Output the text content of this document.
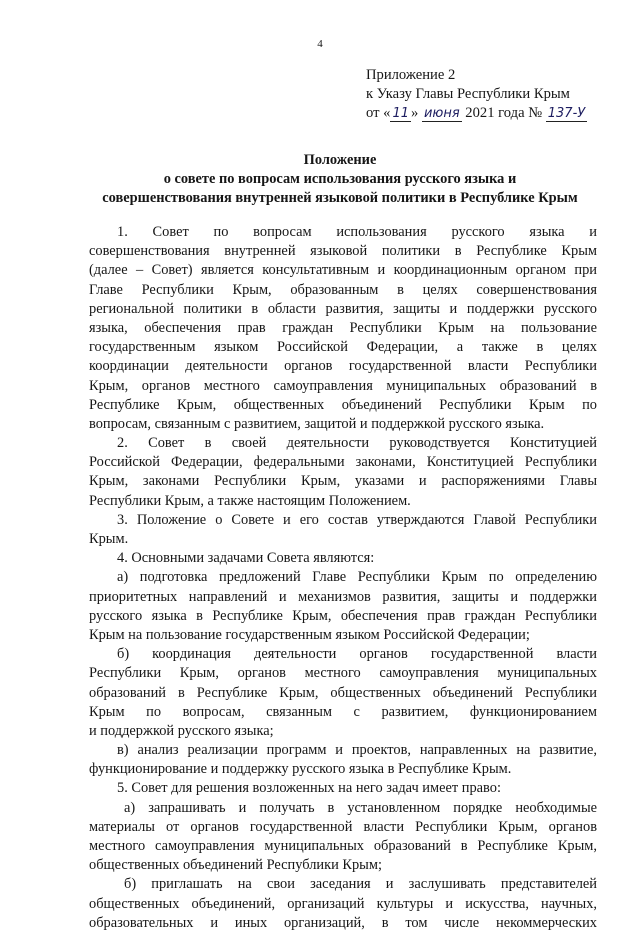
4
Приложение 2
к Указу Главы Республики Крым
от « 11 » июня 2021 года № 137-У
Положение
о совете по вопросам использования русского языка и
совершенствования внутренней языковой политики в Республике Крым
1. Совет по вопросам использования русского языка и
совершенствования внутренней языковой политики в Республике Крым
(далее – Совет) является консультативным и координационным органом при
Главе Республики Крым, образованным в целях совершенствования
региональной политики в области развития, защиты и поддержки русского
языка, обеспечения прав граждан Республики Крым на пользование
государственным языком Российской Федерации, а также в целях
координации деятельности органов государственной власти Республики
Крым, органов местного самоуправления муниципальных образований в
Республике Крым, общественных объединений Республики Крым по
вопросам, связанным с развитием, защитой и поддержкой русского языка.
2. Совет в своей деятельности руководствуется Конституцией
Российской Федерации, федеральными законами, Конституцией Республики
Крым, законами Республики Крым, указами и распоряжениями Главы
Республики Крым, а также настоящим Положением.
3. Положение о Совете и его состав утверждаются Главой Республики
Крым.
4. Основными задачами Совета являются:
а) подготовка предложений Главе Республики Крым по определению
приоритетных направлений и механизмов развития, защиты и поддержки
русского языка в Республике Крым, обеспечения прав граждан Республики
Крым на пользование государственным языком Российской Федерации;
б) координация деятельности органов государственной власти
Республики Крым, органов местного самоуправления муниципальных
образований в Республике Крым, общественных объединений Республики
Крым по вопросам, связанным с развитием, функционированием
и поддержкой русского языка;
в) анализ реализации программ и проектов, направленных на развитие,
функционирование и поддержку русского языка в Республике Крым.
5. Совет для решения возложенных на него задач имеет право:
а) запрашивать и получать в установленном порядке необходимые
материалы от органов государственной власти Республики Крым, органов
местного самоуправления муниципальных образований в Республике Крым,
общественных объединений Республики Крым;
б) приглашать на свои заседания и заслушивать представителей
общественных объединений, организаций культуры и искусства, научных,
образовательных и иных организаций, в том числе некоммерческих
